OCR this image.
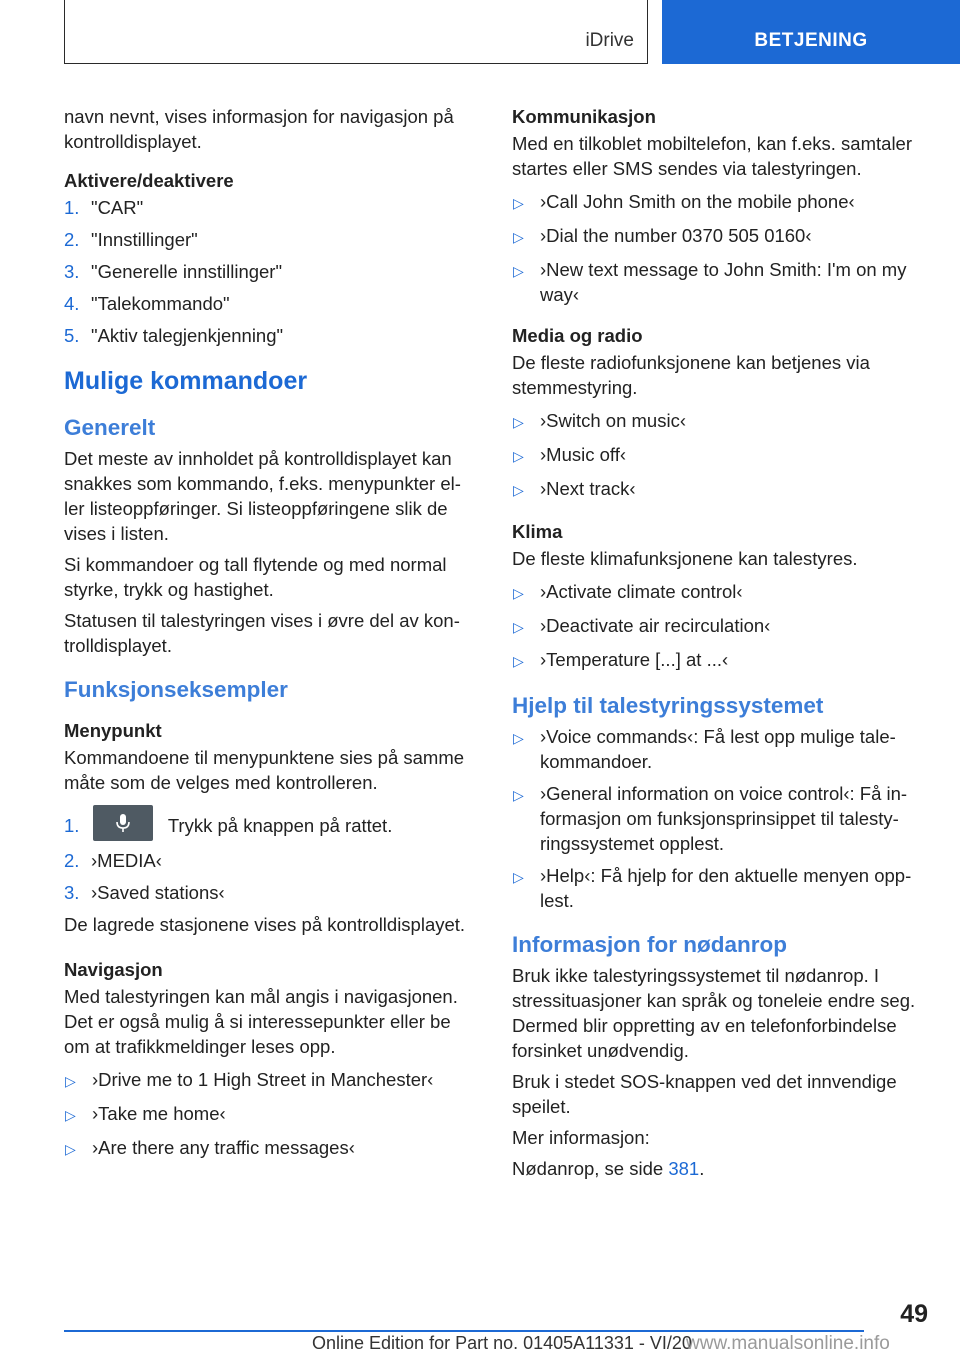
iDrive	BETJENING

navn nevnt, vises informasjon for navigasjon på kontrolldisplayet.

Aktivere/deaktivere

1. "CAR"
2. "Innstillinger"
3. "Generelle innstillinger"
4. "Talekommando"
5. "Aktiv talegjenkjenning"
Mulige kommandoer
Generelt

Det meste av innholdet på kontrolldisplayet kan snakkes som kommando, f.eks. menypunkter el‐ler listeoppføringer. Si listeoppføringene slik de vises i listen.

Si kommandoer og tall flytende og med normal styrke, trykk og hastighet.

Statusen til talestyringen vises i øvre del av kon‐trolldisplayet.

Funksjonseksempler

Menypunkt

Kommandoene til menypunktene sies på samme måte som de velges med kontrolleren.

1.	Trykk på knappen på rattet.
2. ›MEDIA‹
3. ›Saved stations‹

De lagrede stasjonene vises på kontrolldisplayet.

Navigasjon

Med talestyringen kan mål angis i navigasjonen. Det er også mulig å si interessepunkter eller be om at trafikkmeldinger leses opp.

▷ ›Drive me to 1 High Street in Manchester‹
▷ ›Take me home‹
▷ ›Are there any traffic messages‹

Kommunikasjon

Med en tilkoblet mobiltelefon, kan f.eks. samtaler startes eller SMS sendes via talestyringen.

▷ ›Call John Smith on the mobile phone‹
▷ ›Dial the number 0370 505 0160‹
▷ ›New text message to John Smith: I'm on my way‹

Media og radio

De fleste radiofunksjonene kan betjenes via stemmestyring.

▷ ›Switch on music‹
▷ ›Music off‹
▷ ›Next track‹

Klima

De fleste klimafunksjonene kan talestyres.

▷ ›Activate climate control‹
▷ ›Deactivate air recirculation‹
▷ ›Temperature [...] at ...‹
Hjelp til talestyringssystemet
▷ ›Voice commands‹: Få lest opp mulige tale‐kommandoer.
▷ ›General information on voice control‹: Få in‐formasjon om funksjonsprinsippet til talesty‐ringssystemet opplest.
▷ ›Help‹: Få hjelp for den aktuelle menyen opp‐lest.
Informasjon for nødanrop

Bruk ikke talestyringssystemet til nødanrop. I stressituasjoner kan språk og toneleie endre seg. Dermed blir oppretting av en telefonforbindelse forsinket unødvendig.

Bruk i stedet SOS-knappen ved det innvendige speilet.

Mer informasjon:

Nødanrop, se side 381.

49
Online Edition for Part no. 01405A11331 - VI/20
www.manualsonline.info
